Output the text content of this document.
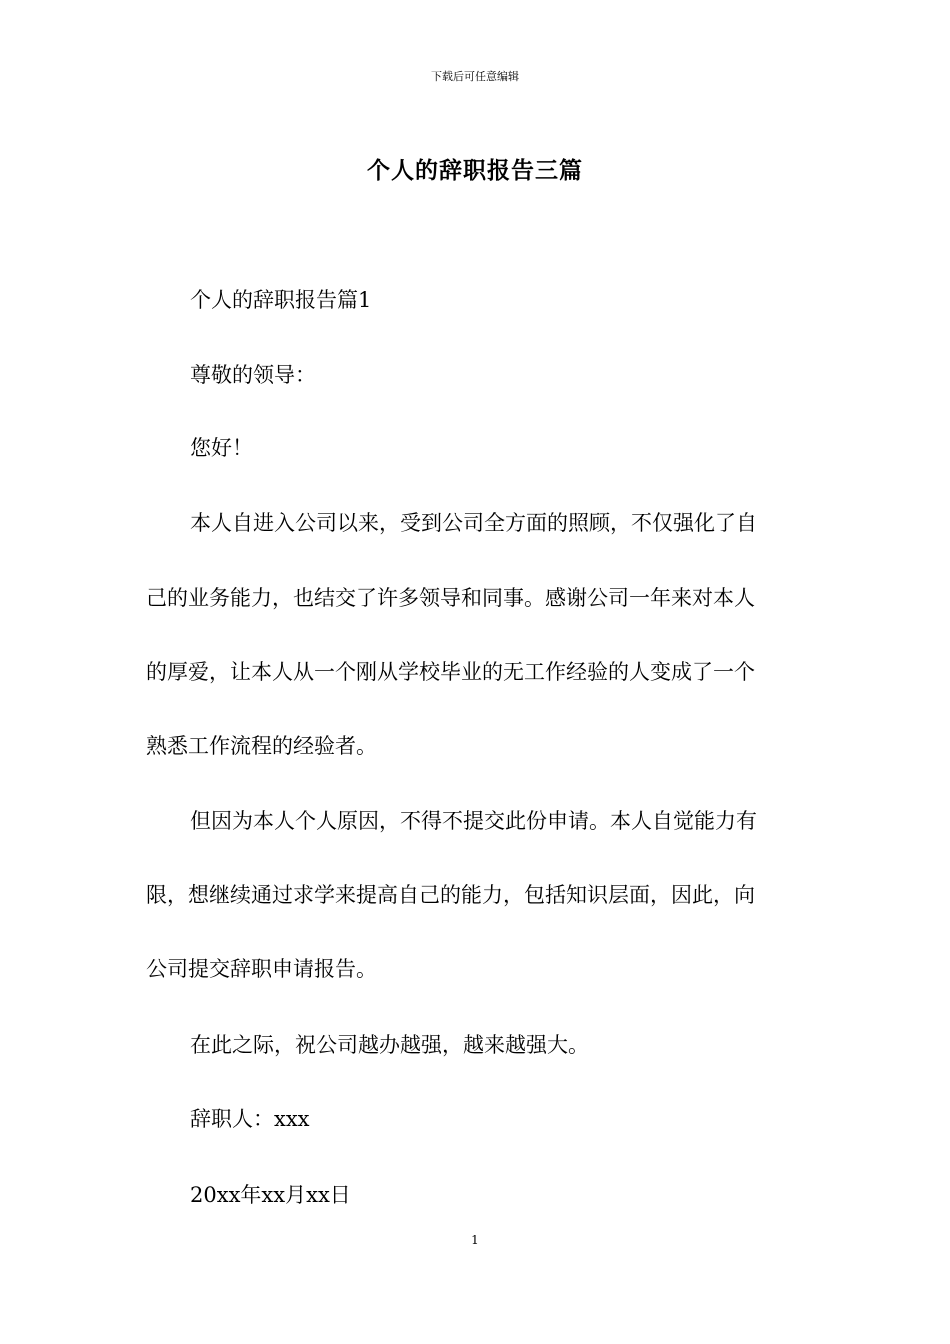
下载后可任意编辑
个人的辞职报告三篇
个人的辞职报告篇1
尊敬的领导：
您好！
本人自进入公司以来，受到公司全方面的照顾，不仅强化了自
己的业务能力，也结交了许多领导和同事。感谢公司一年来对本人
的厚爱，让本人从一个刚从学校毕业的无工作经验的人变成了一个
熟悉工作流程的经验者。
但因为本人个人原因，不得不提交此份申请。本人自觉能力有
限，想继续通过求学来提高自己的能力，包括知识层面，因此，向
公司提交辞职申请报告。
在此之际，祝公司越办越强，越来越强大。
辞职人：xxx
20xx年xx月xx日
1
